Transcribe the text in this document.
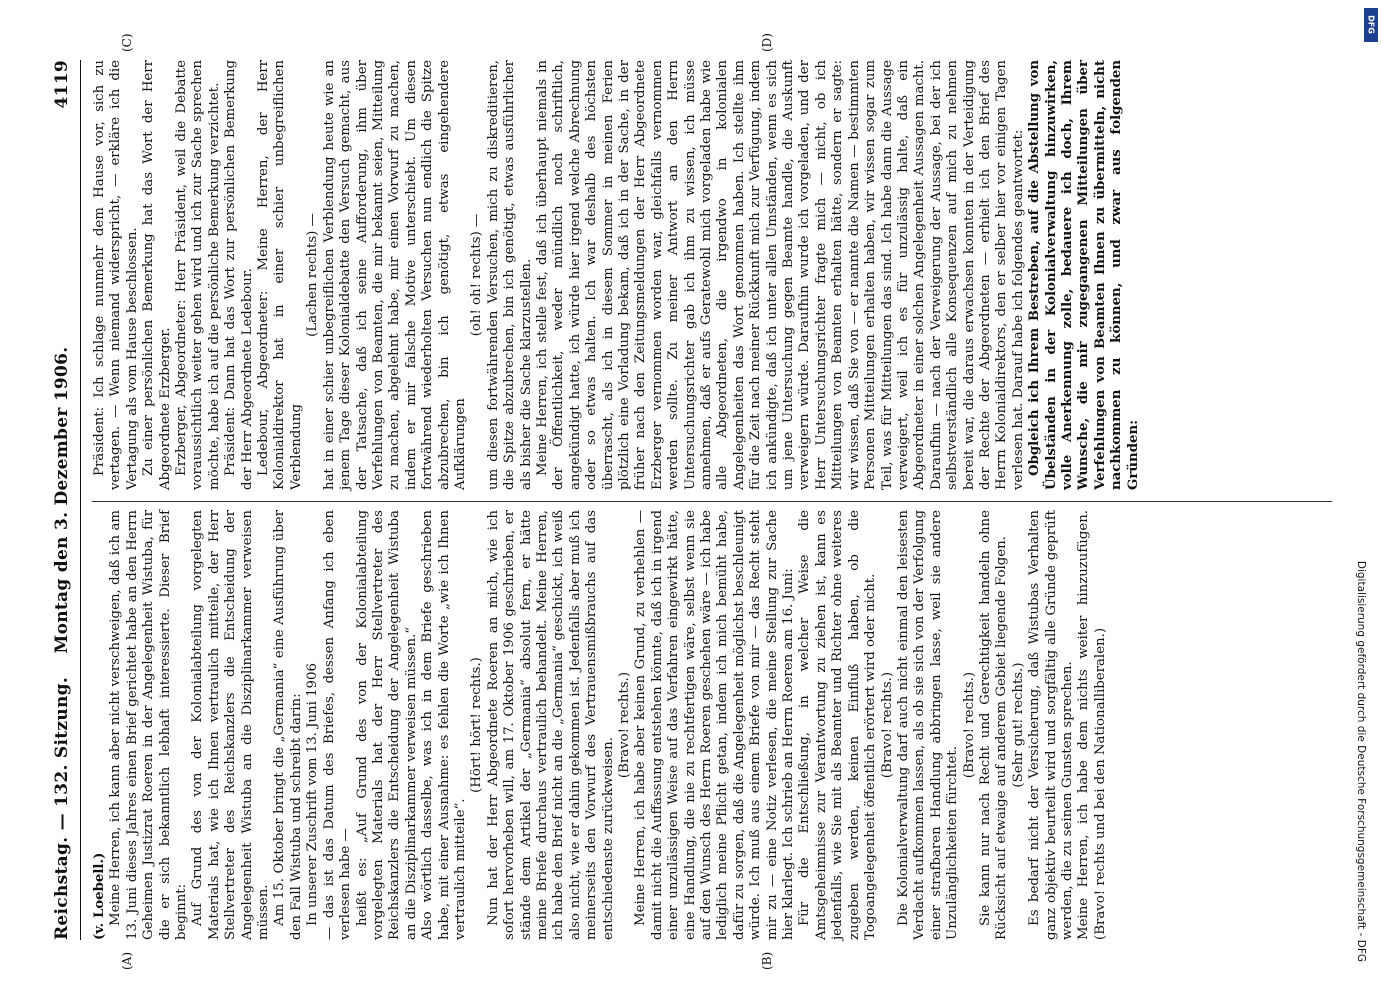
Reichstag. — 132. Sitzung.
Montag den 3. Dezember 1906.
4119
(A)	(B)
(C)	(D)

(v. Loebell.) Meine Herren, ich kann aber nicht verschweigen, daß ich am 13. Juni dieses Jahres einen Brief gerichtet habe an den Herrn Geheimen Justizrat Roeren in der Angelegenheit Wistuba, für die er sich bekanntlich lebhaft interessierte. Dieser Brief beginnt: Auf Grund des von der Kolonialabteilung vorgelegten Materials hat, wie ich Ihnen vertraulich mitteile, der Herr Stellvertreter des Reichskanzlers die Entscheidung der Angelegenheit Wistuba an die Disziplinarkammer verweisen müssen. Am 15. Oktober bringt die „Germania“ eine Ausführung über den Fall Wistuba und schreibt darin: In unserer Zuschrift vom 13. Juni 1906 — das ist das Datum des Briefes, dessen Anfang ich eben verlesen habe — heißt es: „Auf Grund des von der Kolonialabteilung vorgelegten Materials hat der Herr Stellvertreter des Reichskanzlers die Entscheidung der Angelegenheit Wistuba an die Disziplinarkammer verweisen müssen.“ Also wörtlich dasselbe, was ich in dem Briefe geschrieben habe, mit einer Ausnahme: es fehlen die Worte „wie ich Ihnen vertraulich mitteile“.

(Hört! hört! rechts.) Nun hat der Herr Abgeordnete Roeren an mich, wie ich sofort hervorheben will, am 17. Oktober 1906 geschrieben, er stände dem Artikel der „Germania“ absolut fern, er hätte meine Briefe durchaus vertraulich behandelt. Meine Herren, ich habe den Brief nicht an die „Germania“ geschickt, ich weiß also nicht, wie er dahin gekommen ist. Jedenfalls aber muß ich meinerseits den Vorwurf des Vertrauensmißbrauchs auf das entschiedenste zurückweisen.

(Bravo! rechts.) Meine Herren, ich habe aber keinen Grund, zu verhehlen — damit nicht die Auffassung entstehen könnte, daß ich in irgend einer unzulässigen Weise auf das Verfahren eingewirkt hätte, eine Handlung, die nie zu rechtfertigen wäre, selbst wenn sie auf den Wunsch des Herrn Roeren geschehen wäre — ich habe lediglich meine Pflicht getan, indem ich mich bemüht habe, dafür zu sorgen, daß die Angelegenheit möglichst beschleunigt würde. Ich muß aus einem Briefe von mir — das Recht steht mir zu — eine Notiz verlesen, die meine Stellung zur Sache hier klarlegt. Ich schrieb an Herrn Roeren am 16. Juni: Für die Entschließung, in welcher Weise die Amtsgeheimnisse zur Verantwortung zu ziehen ist, kann es jedenfalls, wie Sie mit als Beamter und Richter ohne weiteres zugeben werden, keinen Einfluß haben, ob die Togoangelegenheit öffentlich erörtert wird oder nicht. (Bravo! rechts.) Die Kolonialverwaltung darf auch nicht einmal den leisesten Verdacht aufkommen lassen, als ob sie sich von der Verfolgung einer strafbaren Handlung abbringen lasse, weil sie andere Unzulänglichkeiten fürchtet.

(Bravo! rechts.) Sie kann nur nach Recht und Gerechtigkeit handeln ohne Rücksicht auf etwaige auf anderem Gebiet liegende Folgen. (Sehr gut! rechts.) Es bedarf nicht der Versicherung, daß Wistubas Verhalten ganz objektiv beurteilt wird und sorgfältig alle Gründe geprüft werden, die zu seinen Gunsten sprechen. Meine Herren, ich habe dem nichts weiter hinzuzufügen. (Bravo! rechts und bei den Nationalliberalen.)

Präsident: Ich schlage nunmehr dem Hause vor, sich zu vertagen. — Wenn niemand widerspricht, — erkläre ich die Vertagung als vom Hause beschlossen. Zu einer persönlichen Bemerkung hat das Wort der Herr Abgeordnete Erzberger. Erzberger, Abgeordneter: Herr Präsident, weil die Debatte voraussichtlich weiter gehen wird und ich zur Sache sprechen möchte, habe ich auf die persönliche Bemerkung verzichtet. Präsident: Dann hat das Wort zur persönlichen Bemerkung der Herr Abgeordnete Ledebour. Ledebour, Abgeordneter: Meine Herren, der Herr Kolonialdirektor hat in einer schier unbegreiflichen Verblendung

(Lachen rechts) — hat in einer schier unbegreiflichen Verblendung heute wie an jenem Tage dieser Kolonialdebatte den Versuch gemacht, aus der Tatsache, daß ich seine Aufforderung, ihm über Verfehlungen von Beamten, die mir bekannt seien, Mitteilung zu machen, abgelehnt habe, mir einen Vorwurf zu machen, indem er mir falsche Motive unterschiebt. Um diesen fortwährend wiederholten Versuchen nun endlich die Spitze abzubrechen, bin ich genötigt, etwas eingehendere Aufklärungen

(oh! oh! rechts) — um diesen fortwährenden Versuchen, mich zu diskreditieren, die Spitze abzubrechen, bin ich genötigt, etwas ausführlicher als bisher die Sache klarzustellen. Meine Herren, ich stelle fest, daß ich überhaupt niemals in der Öffentlichkeit, weder mündlich noch schriftlich, angekündigt hatte, ich würde hier irgend welche Abrechnung oder so etwas halten. Ich war deshalb des höchsten überrascht, als ich in diesem Sommer in meinen Ferien plötzlich eine Vorladung bekam, daß ich in der Sache, in der früher nach den Zeitungsmeldungen der Herr Abgeordnete Erzberger vernommen worden war, gleichfalls vernommen werden sollte. Zu meiner Antwort an den Herrn Untersuchungsrichter gab ich ihm zu wissen, ich müsse annehmen, daß er aufs Geratewohl mich vorgeladen habe wie alle Abgeordneten, die irgendwo in kolonialen Angelegenheiten das Wort genommen haben. Ich stellte ihm für die Zeit nach meiner Rückkunft mich zur Verfügung, indem ich ankündigte, daß ich unter allen Umständen, wenn es sich um jene Untersuchung gegen Beamte handle, die Auskunft verweigern würde. Daraufhin wurde ich vorgeladen, und der Herr Untersuchungsrichter fragte mich — nicht, ob ich Mitteilungen von Beamten erhalten hätte, sondern er sagte: wir wissen, daß Sie von — er nannte die Namen — bestimmten Personen Mitteilungen erhalten haben, wir wissen sogar zum Teil, was für Mitteilungen das sind. Ich habe dann die Aussage verweigert, weil ich es für unzulässig halte, daß ein Abgeordneter in einer solchen Angelegenheit Aussagen macht. Daraufhin — nach der Verweigerung der Aussage, bei der ich selbstverständlich alle Konsequenzen auf mich zu nehmen bereit war, die daraus erwachsen konnten in der Verteidigung der Rechte der Abgeordneten — erhielt ich den Brief des Herrn Kolonialdirektors, den er selber hier vor einigen Tagen verlesen hat. Darauf habe ich folgendes geantwortet: Obgleich ich Ihrem Bestreben, auf die Abstellung von Übelständen in der Kolonialverwaltung hinzuwirken, volle Anerkennung zolle, bedauere ich doch, Ihrem Wunsche, die mir zugegangenen Mitteilungen über Verfehlungen von Beamten Ihnen zu übermitteln, nicht nachkommen zu können, und zwar aus folgenden Gründen:

Digitalisierung gefördert durch die Deutsche Forschungsgemeinschaft - DFG
DFG
